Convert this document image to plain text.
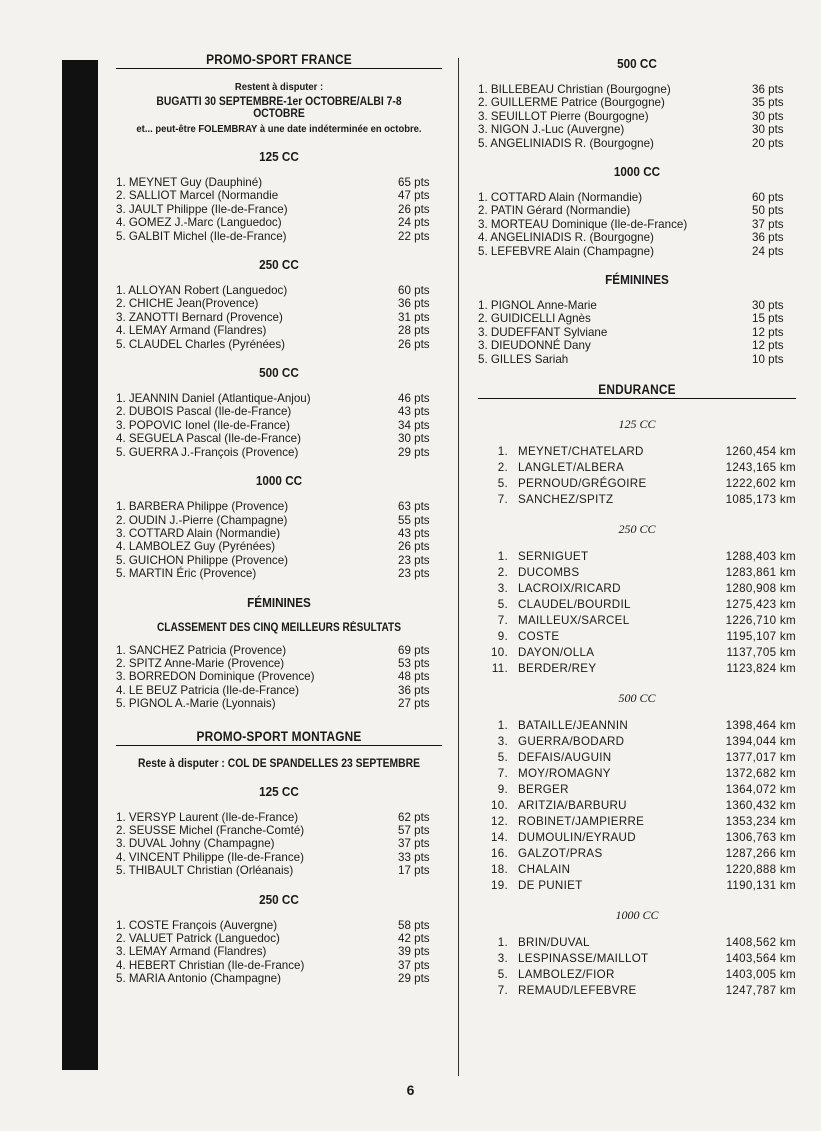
PROMO-SPORT FRANCE

Restent à disputer :

BUGATTI 30 SEPTEMBRE-1er OCTOBRE/ALBI 7-8 OCTOBRE

et... peut-être FOLEMBRAY à une date indéterminée en octobre.

125 CC

1. MEYNET Guy (Dauphiné)	65 pts
2. SALLIOT Marcel (Normandie	47 pts
3. JAULT Philippe (Ile-de-France)	26 pts
4. GOMEZ J.-Marc (Languedoc)	24 pts
5. GALBIT Michel (Ile-de-France)	22 pts

250 CC

1. ALLOYAN Robert (Languedoc)	60 pts
2. CHICHE Jean(Provence)	36 pts
3. ZANOTTI Bernard (Provence)	31 pts
4. LEMAY Armand (Flandres)	28 pts
5. CLAUDEL Charles (Pyrénées)	26 pts

500 CC

1. JEANNIN Daniel (Atlantique-Anjou)	46 pts
2. DUBOIS Pascal (Ile-de-France)	43 pts
3. POPOVIC Ionel (Ile-de-France)	34 pts
4. SEGUELA Pascal (Ile-de-France)	30 pts
5. GUERRA J.-François (Provence)	29 pts

1000 CC

1. BARBERA Philippe (Provence)	63 pts
2. OUDIN J.-Pierre (Champagne)	55 pts
3. COTTARD Alain (Normandie)	43 pts
4. LAMBOLEZ Guy (Pyrénées)	26 pts
5. GUICHON Philippe (Provence)	23 pts
5. MARTIN Éric (Provence)	23 pts

FÉMININES

CLASSEMENT DES CINQ MEILLEURS RÉSULTATS

1. SANCHEZ Patricia (Provence)	69 pts
2. SPITZ Anne-Marie (Provence)	53 pts
3. BORREDON Dominique (Provence)	48 pts
4. LE BEUZ Patricia (Ile-de-France)	36 pts
5. PIGNOL A.-Marie (Lyonnais)	27 pts

PROMO-SPORT MONTAGNE

Reste à disputer : COL DE SPANDELLES 23 SEPTEMBRE

125 CC

1. VERSYP Laurent (Ile-de-France)	62 pts
2. SEUSSE Michel (Franche-Comté)	57 pts
3. DUVAL Johny (Champagne)	37 pts
4. VINCENT Philippe (Ile-de-France)	33 pts
5. THIBAULT Christian (Orléanais)	17 pts

250 CC

1. COSTE François (Auvergne)	58 pts
2. VALUET Patrick (Languedoc)	42 pts
3. LEMAY Armand (Flandres)	39 pts
4. HEBERT Christian (Ile-de-France)	37 pts
5. MARIA Antonio (Champagne)	29 pts

500 CC

1. BILLEBEAU Christian (Bourgogne)	36 pts
2. GUILLERME Patrice (Bourgogne)	35 pts
3. SEUILLOT Pierre (Bourgogne)	30 pts
3. NIGON J.-Luc (Auvergne)	30 pts
5. ANGELINIADIS R. (Bourgogne)	20 pts

1000 CC

1. COTTARD Alain (Normandie)	60 pts
2. PATIN Gérard (Normandie)	50 pts
3. MORTEAU Dominique (Ile-de-France)	37 pts
4. ANGELINIADIS R. (Bourgogne)	36 pts
5. LEFEBVRE Alain (Champagne)	24 pts

FÉMININES

1. PIGNOL Anne-Marie	30 pts
2. GUIDICELLI Agnès	15 pts
3. DUDEFFANT Sylviane	12 pts
3. DIEUDONNÉ Dany	12 pts
5. GILLES Sariah	10 pts

ENDURANCE

125 CC

1. MEYNET/CHATELARD	1260,454 km
2. LANGLET/ALBERA	1243,165 km
5. PERNOUD/GRÉGOIRE	1222,602 km
7. SANCHEZ/SPITZ	1085,173 km

250 CC

1. SERNIGUET	1288,403 km
2. DUCOMBS	1283,861 km
3. LACROIX/RICARD	1280,908 km
5. CLAUDEL/BOURDIL	1275,423 km
7. MAILLEUX/SARCEL	1226,710 km
9. COSTE	1195,107 km
10. DAYON/OLLA	1137,705 km
11. BERDER/REY	1123,824 km

500 CC

1. BATAILLE/JEANNIN	1398,464 km
3. GUERRA/BODARD	1394,044 km
5. DEFAIS/AUGUIN	1377,017 km
7. MOY/ROMAGNY	1372,682 km
9. BERGER	1364,072 km
10. ARITZIA/BARBURU	1360,432 km
12. ROBINET/JAMPIERRE	1353,234 km
14. DUMOULIN/EYRAUD	1306,763 km
16. GALZOT/PRAS	1287,266 km
18. CHALAIN	1220,888 km
19. DE PUNIET	1190,131 km

1000 CC

1. BRIN/DUVAL	1408,562 km
3. LESPINASSE/MAILLOT	1403,564 km
5. LAMBOLEZ/FIOR	1403,005 km
7. REMAUD/LEFEBVRE	1247,787 km
6
